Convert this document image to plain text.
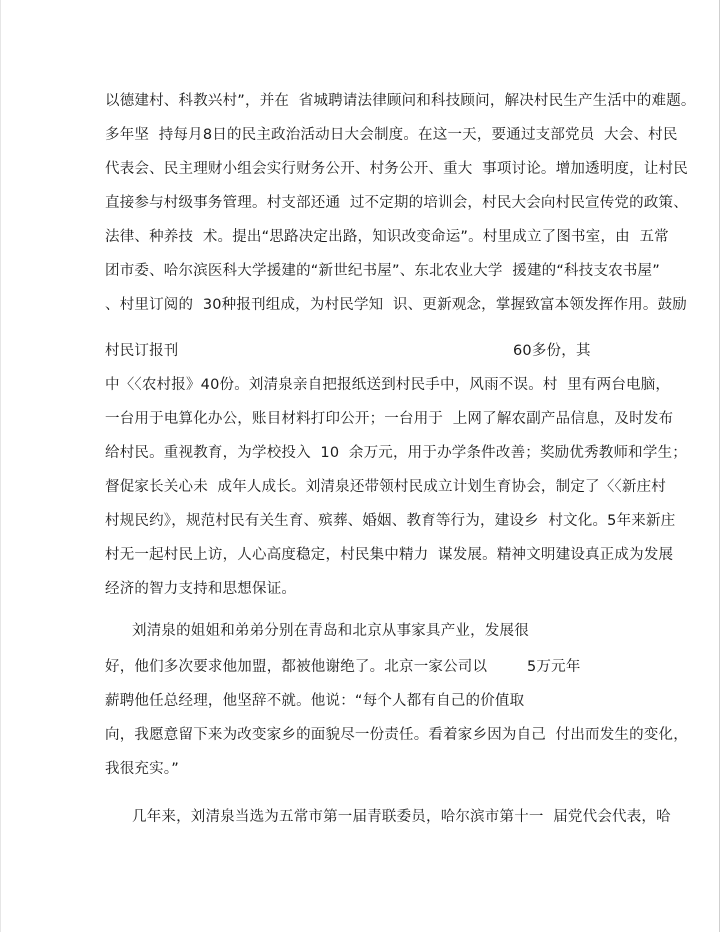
以德建村、科教兴村”，并在  省城聘请法律顾问和科技顾问，解决村民生产生活中的难题。
多年坚  持每月8日的民主政治活动日大会制度。在这一天，要通过支部党员  大会、村民
代表会、民主理财小组会实行财务公开、村务公开、重大  事项讨论。增加透明度，让村民
直接参与村级事务管理。村支部还通  过不定期的培训会，村民大会向村民宣传党的政策、
法律、种养技  术。提出“思路决定出路，知识改变命运”。村里成立了图书室，由  五常
团市委、哈尔滨医科大学援建的“新世纪书屋”、东北农业大学  援建的“科技支农书屋”
、村里订阅的  30种报刊组成，为村民学知  识、更新观念，掌握致富本领发挥作用。鼓励
村民订报刊	60多份，其
中〈〈农村报》40份。刘清泉亲自把报纸送到村民手中，风雨不误。村  里有两台电脑，
一台用于电算化办公，账目材料打印公开；一台用于  上网了解农副产品信息，及时发布
给村民。重视教育，为学校投入  10  余万元，用于办学条件改善；奖励优秀教师和学生；
督促家长关心未  成年人成长。刘清泉还带领村民成立计划生育协会，制定了〈〈新庄村
村规民约》，规范村民有关生育、殡葬、婚姻、教育等行为，建设乡  村文化。5年来新庄
村无一起村民上访，人心高度稳定，村民集中精力  谋发展。精神文明建设真正成为发展
经济的智力支持和思想保证。
刘清泉的姐姐和弟弟分别在青岛和北京从事家具产业，发展很
好，他们多次要求他加盟，都被他谢绝了。北京一家公司以	5万元年
薪聘他任总经理，他坚辞不就。他说：“每个人都有自己的价值取
向，我愿意留下来为改变家乡的面貌尽一份责任。看着家乡因为自己  付出而发生的变化，
我很充实。”
几年来，刘清泉当选为五常市第一届青联委员，哈尔滨市第十一  届党代会代表，哈
